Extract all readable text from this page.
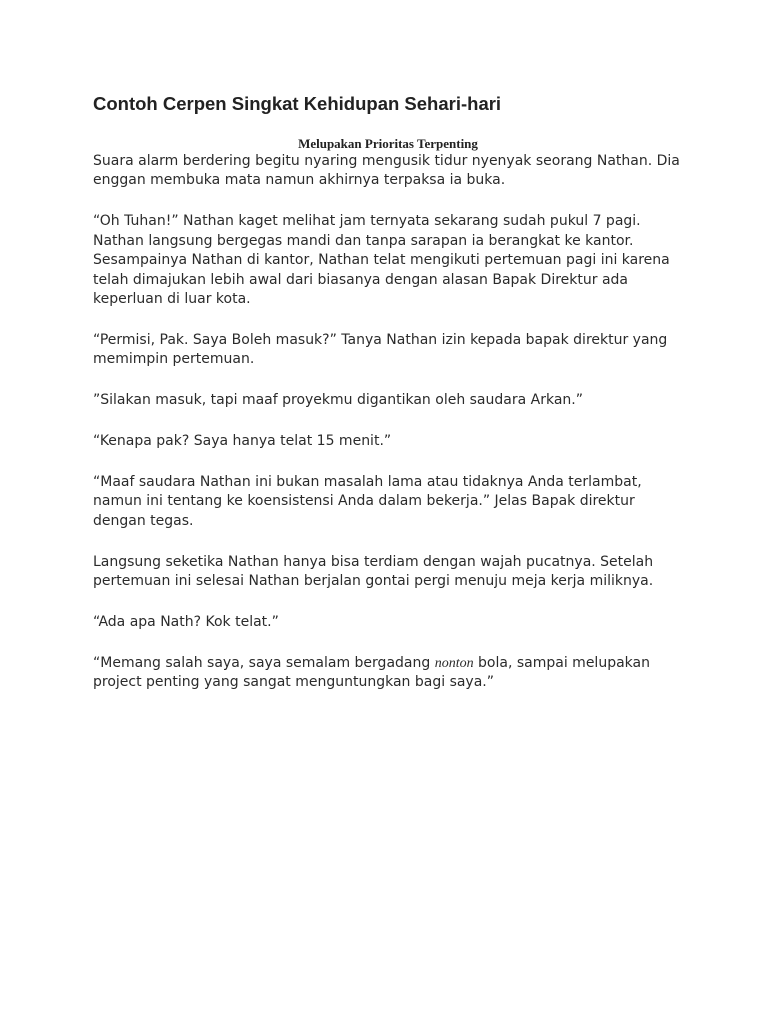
Contoh Cerpen Singkat Kehidupan Sehari-hari

Melupakan Prioritas Terpenting

Suara alarm berdering begitu nyaring mengusik tidur nyenyak seorang Nathan. Dia enggan membuka mata namun akhirnya terpaksa ia buka.

“Oh Tuhan!” Nathan kaget melihat jam ternyata sekarang sudah pukul 7 pagi. Nathan langsung bergegas mandi dan tanpa sarapan ia berangkat ke kantor. Sesampainya Nathan di kantor, Nathan telat mengikuti pertemuan pagi ini karena telah dimajukan lebih awal dari biasanya dengan alasan Bapak Direktur ada keperluan di luar kota.

“Permisi, Pak. Saya Boleh masuk?” Tanya Nathan izin kepada bapak direktur yang memimpin pertemuan.

”Silakan masuk, tapi maaf proyekmu digantikan oleh saudara Arkan.”

“Kenapa pak? Saya hanya telat 15 menit.”

“Maaf saudara Nathan ini bukan masalah lama atau tidaknya Anda terlambat, namun ini tentang ke koensistensi Anda dalam bekerja.” Jelas Bapak direktur dengan tegas.

Langsung seketika Nathan hanya bisa terdiam dengan wajah pucatnya. Setelah pertemuan ini selesai Nathan berjalan gontai pergi menuju meja kerja miliknya.

“Ada apa Nath? Kok telat.”

“Memang salah saya, saya semalam bergadang nonton bola, sampai melupakan project penting yang sangat menguntungkan bagi saya.”
